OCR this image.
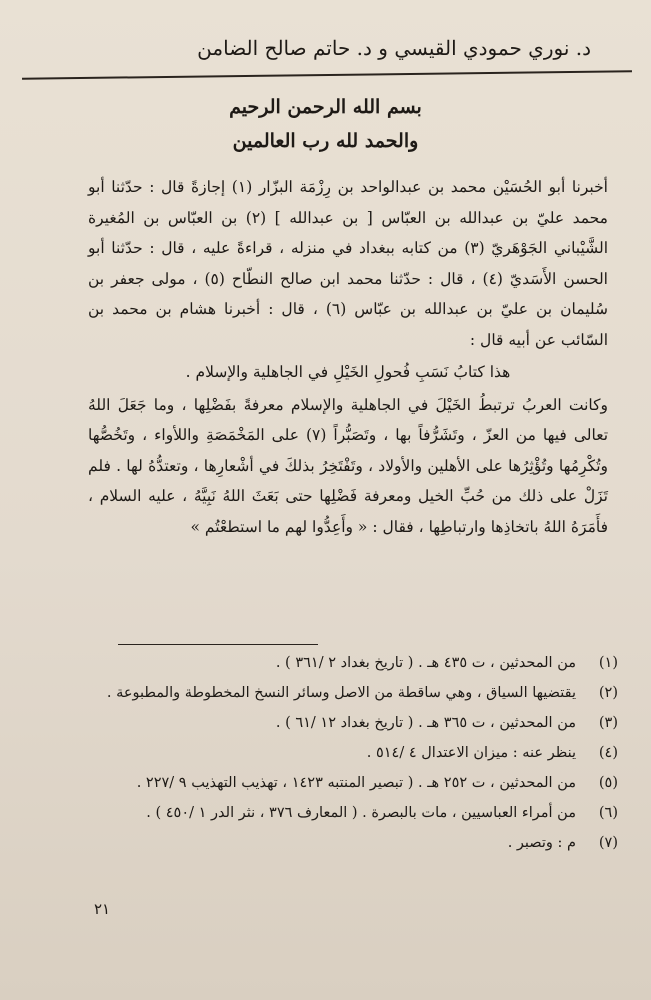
د. نوري حمودي القيسي و د. حاتم صالح الضامن
بسم الله الرحمن الرحيم
والحمد لله رب العالمين

أخبرنا أبو الحُسَيْن محمد بن عبدالواحد بن رِزْمَة البزّار (١) إجازةً قال : حدّثنا أبو محمد عليّ بن عبدالله بن العبّاس [ بن عبدالله ] (٢) بن العبّاس بن المُغيرة الشَّيْباني الجَوْهَريّ (٣) من كتابه ببغداد في منزله ، قراءةً عليه ، قال : حدّثنا أبو الحسن الأَسَديّ (٤) ، قال : حدّثنا محمد ابن صالح النطّاح (٥) ، مولى جعفر بن سُليمان بن عليّ بن عبدالله بن عبّاس (٦) ، قال : أخبرنا هشام بن محمد بن السّائب عن أبيه قال :

هذا كتابُ نَسَبِ فُحولِ الخَيْلِ في الجاهلية والإسلام .

وكانت العربُ ترتبطُ الخَيْلَ في الجاهلية والإسلام معرفةً بفَضْلِها ، وما جَعَلَ اللهُ تعالى فيها من العزّ ، وتَشَرُّفاً بها ، وتَصَبُّراً (٧) على المَخْمَصَةِ واللأواء ، وتَخُصُّها وتُكْرِمُها وتُؤْثِرُها على الأهلين والأولاد ، وتَفْتَخِرُ بذلكَ في أشْعارِها ، وتعتدُّهُ لها . فلم تَزَلْ على ذلك من حُبِّ الخيل ومعرفة فَضْلِها حتى بَعَثَ اللهُ نَبِيَّهُ ، عليه السلام ، فأَمَرَهُ اللهُ باتخاذِها وارتباطِها ، فقال : « وأَعِدُّوا لهم ما استطعْتُم »

(١)
من المحدثين ، ت ٤٣٥ هـ . ( تاريخ بغداد ٢ /٣٦١ ) .
(٢)
يقتضيها السياق ، وهي ساقطة من الاصل وسائر النسخ المخطوطة والمطبوعة .
(٣)
من المحدثين ، ت ٣٦٥ هـ . ( تاريخ بغداد ١٢ /٦١ ) .
(٤)
ينظر عنه : ميزان الاعتدال ٤ /٥١٤ .
(٥)
من المحدثين ، ت ٢٥٢ هـ . ( تبصير المنتبه ١٤٢٣ ، تهذيب التهذيب ٩ /٢٢٧ .
(٦)
من أمراء العباسيين ، مات بالبصرة . ( المعارف ٣٧٦ ، نثر الدر ١ /٤٥٠ ) .
(٧)
م : وتصبر .
٢١
